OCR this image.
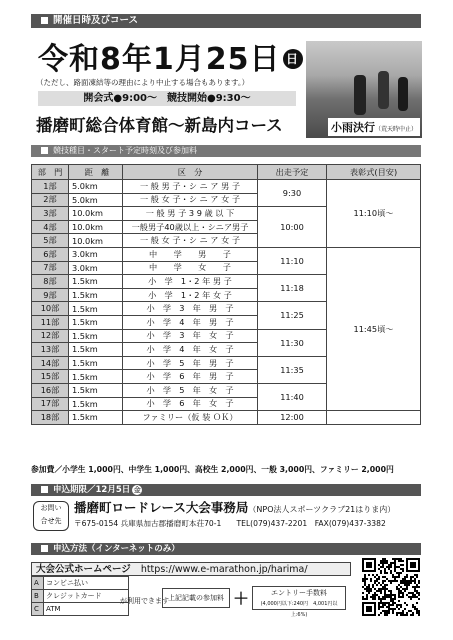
開催日時及びコース
令和8年1月25日 日
（ただし、路面凍結等の理由により中止する場合もあります。）
開会式●9:00～　競技開始●9:30～
播磨町総合体育館～新島内コース	小雨決行（荒天時中止）
競技種目・スタート予定時刻及び参加料
部　門	距　離	区　分	出走予定	表彰式(目安)
1部	5.0km	一 般 男 子・シ ニ ア 男 子	9:30	11:10頃～
2部	5.0km	一 般 女 子・シ ニ ア 女 子		
3部	10.0km	一 般 男 子 3 9 歳 以 下	10:00	
4部	10.0km	一般男子40歳以上・シニア男子		
5部	10.0km	一 般 女 子・シ ニ ア 女 子		
6部	3.0km	中　　学　　男　　子	11:10	11:45頃～
7部	3.0km	中　　学　　女　　子		
8部	1.5km	小　学　1・2 年 男 子	11:18	
9部	1.5km	小　学　1・2 年 女 子		
10部	1.5km	小　学　3　年　男　子	11:25	
11部	1.5km	小　学　4　年　男　子		
12部	1.5km	小　学　3　年　女　子	11:30	
13部	1.5km	小　学　4　年　女　子		
14部	1.5km	小　学　5　年　男　子	11:35	
15部	1.5km	小　学　6　年　男　子		
16部	1.5km	小　学　5　年　女　子	11:40	
17部	1.5km	小　学　6　年　女　子		
18部	1.5km	ファミリー（仮 装 ＯＫ）	12:00	
参加費／小学生 1,000円、中学生 1,000円、高校生 2,000円、一般 3,000円、ファミリー 2,000円
申込期限／12月5日 金
お問い
合せ先
播磨町ロードレース大会事務局（NPO法人スポーツクラブ21はりま内）
〒675-0154 兵庫県加古郡播磨町本荘70-1　　TEL(079)437-2201　FAX(079)437-3382
申込方法（インターネットのみ）
大会公式ホームページ https://www.e-marathon.jp/harima/
A	コンビニ払い
B	クレジットカード
C	ATM
が利用できます 上記記載の参加料 ＋	エントリー手数料
(4,000円以下:240円　4,001円以上:6%)
